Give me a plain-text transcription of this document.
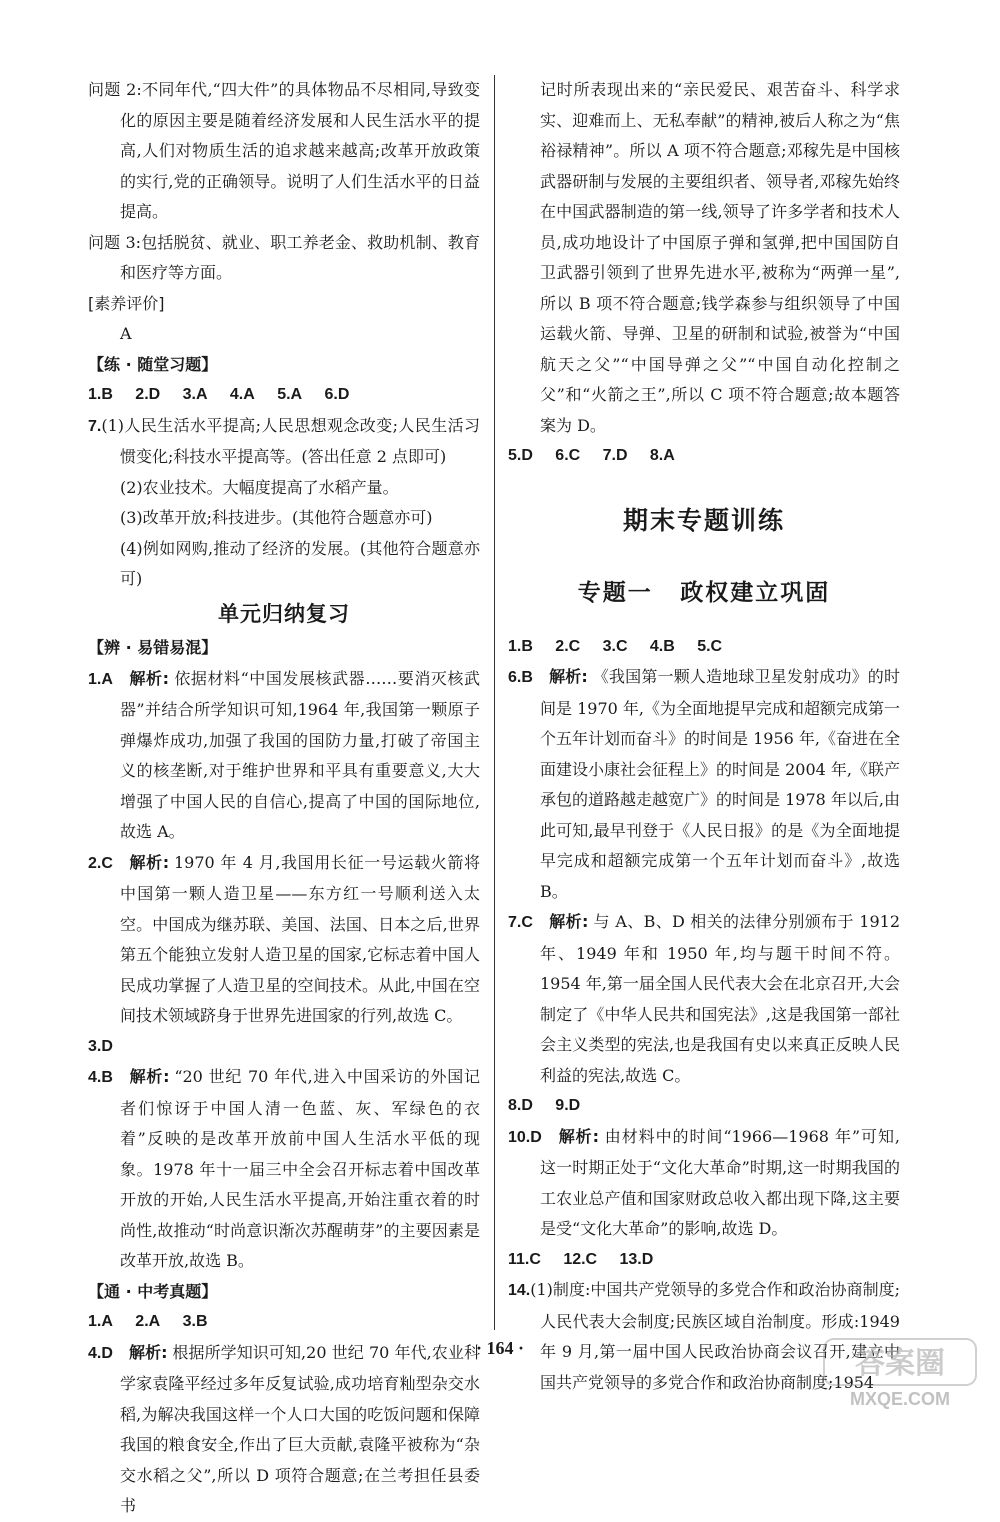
问题 2:不同年代,“四大件”的具体物品不尽相同,导致变化的原因主要是随着经济发展和人民生活水平的提高,人们对物质生活的追求越来越高;改革开放政策的实行,党的正确领导。说明了人们生活水平的日益提高。

问题 3:包括脱贫、就业、职工养老金、救助机制、教育和医疗等方面。

[素养评价]

A

【练 · 随堂习题】

1.B 2.D 3.A 4.A 5.A 6.D

7.(1)人民生活水平提高;人民思想观念改变;人民生活习惯变化;科技水平提高等。(答出任意 2 点即可)

(2)农业技术。大幅度提高了水稻产量。

(3)改革开放;科技进步。(其他符合题意亦可)

(4)例如网购,推动了经济的发展。(其他符合题意亦可)

单元归纳复习

【辨 · 易错易混】

1.A 解析: 依据材料“中国发展核武器……要消灭核武器”并结合所学知识可知,1964 年,我国第一颗原子弹爆炸成功,加强了我国的国防力量,打破了帝国主义的核垄断,对于维护世界和平具有重要意义,大大增强了中国人民的自信心,提高了中国的国际地位,故选 A。

2.C 解析: 1970 年 4 月,我国用长征一号运载火箭将中国第一颗人造卫星——东方红一号顺利送入太空。中国成为继苏联、美国、法国、日本之后,世界第五个能独立发射人造卫星的国家,它标志着中国人民成功掌握了人造卫星的空间技术。从此,中国在空间技术领域跻身于世界先进国家的行列,故选 C。

3.D

4.B 解析: “20 世纪 70 年代,进入中国采访的外国记者们惊讶于中国人清一色蓝、灰、军绿色的衣着”反映的是改革开放前中国人生活水平低的现象。1978 年十一届三中全会召开标志着中国改革开放的开始,人民生活水平提高,开始注重衣着的时尚性,故推动“时尚意识渐次苏醒萌芽”的主要因素是改革开放,故选 B。

【通 · 中考真题】

1.A 2.A 3.B

4.D 解析: 根据所学知识可知,20 世纪 70 年代,农业科学家袁隆平经过多年反复试验,成功培育籼型杂交水稻,为解决我国这样一个人口大国的吃饭问题和保障我国的粮食安全,作出了巨大贡献,袁隆平被称为“杂交水稻之父”,所以 D 项符合题意;在兰考担任县委书

记时所表现出来的“亲民爱民、艰苦奋斗、科学求实、迎难而上、无私奉献”的精神,被后人称之为“焦裕禄精神”。所以 A 项不符合题意;邓稼先是中国核武器研制与发展的主要组织者、领导者,邓稼先始终在中国武器制造的第一线,领导了许多学者和技术人员,成功地设计了中国原子弹和氢弹,把中国国防自卫武器引领到了世界先进水平,被称为“两弹一星”,所以 B 项不符合题意;钱学森参与组织领导了中国运载火箭、导弹、卫星的研制和试验,被誉为“中国航天之父”“中国导弹之父”“中国自动化控制之父”和“火箭之王”,所以 C 项不符合题意;故本题答案为 D。

5.D 6.C 7.D 8.A

期末专题训练
专题一 政权建立巩固

1.B 2.C 3.C 4.B 5.C

6.B 解析: 《我国第一颗人造地球卫星发射成功》的时间是 1970 年,《为全面地提早完成和超额完成第一个五年计划而奋斗》的时间是 1956 年,《奋进在全面建设小康社会征程上》的时间是 2004 年,《联产承包的道路越走越宽广》的时间是 1978 年以后,由此可知,最早刊登于《人民日报》的是《为全面地提早完成和超额完成第一个五年计划而奋斗》,故选 B。

7.C 解析: 与 A、B、D 相关的法律分别颁布于 1912 年、1949 年和 1950 年,均与题干时间不符。1954 年,第一届全国人民代表大会在北京召开,大会制定了《中华人民共和国宪法》,这是我国第一部社会主义类型的宪法,也是我国有史以来真正反映人民利益的宪法,故选 C。

8.D 9.D

10.D 解析: 由材料中的时间“1966—1968 年”可知,这一时期正处于“文化大革命”时期,这一时期我国的工农业总产值和国家财政总收入都出现下降,这主要是受“文化大革命”的影响,故选 D。

11.C 12.C 13.D

14.(1)制度:中国共产党领导的多党合作和政治协商制度;人民代表大会制度;民族区域自治制度。形成:1949 年 9 月,第一届中国人民政治协商会议召开,建立中国共产党领导的多党合作和政治协商制度;1954

· 164 ·	答案圈
MXQE.COM
